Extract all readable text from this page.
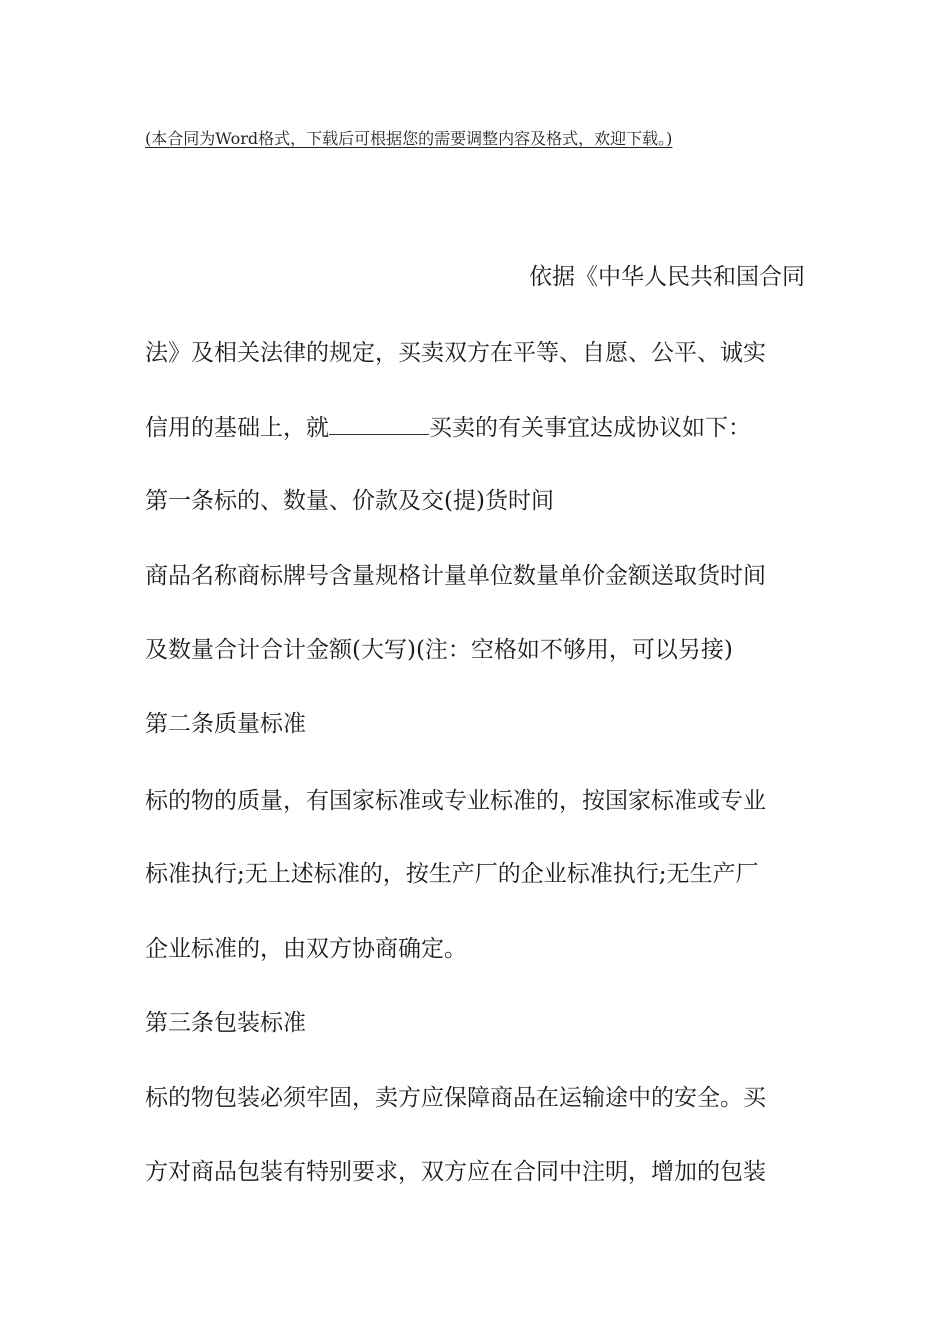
(本合同为Word格式，下载后可根据您的需要调整内容及格式，欢迎下载。)
依据《中华人民共和国合同
法》及相关法律的规定，买卖双方在平等、自愿、公平、诚实
信用的基础上，就	买卖的有关事宜达成协议如下：
第一条标的、数量、价款及交(提)货时间
商品名称商标牌号含量规格计量单位数量单价金额送取货时间
及数量合计合计金额(大写)(注：空格如不够用，可以另接)
第二条质量标准
标的物的质量，有国家标准或专业标准的，按国家标准或专业
标准执行;无上述标准的，按生产厂的企业标准执行;无生产厂
企业标准的，由双方协商确定。
第三条包装标准
标的物包装必须牢固，卖方应保障商品在运输途中的安全。买
方对商品包装有特别要求，双方应在合同中注明，增加的包装
